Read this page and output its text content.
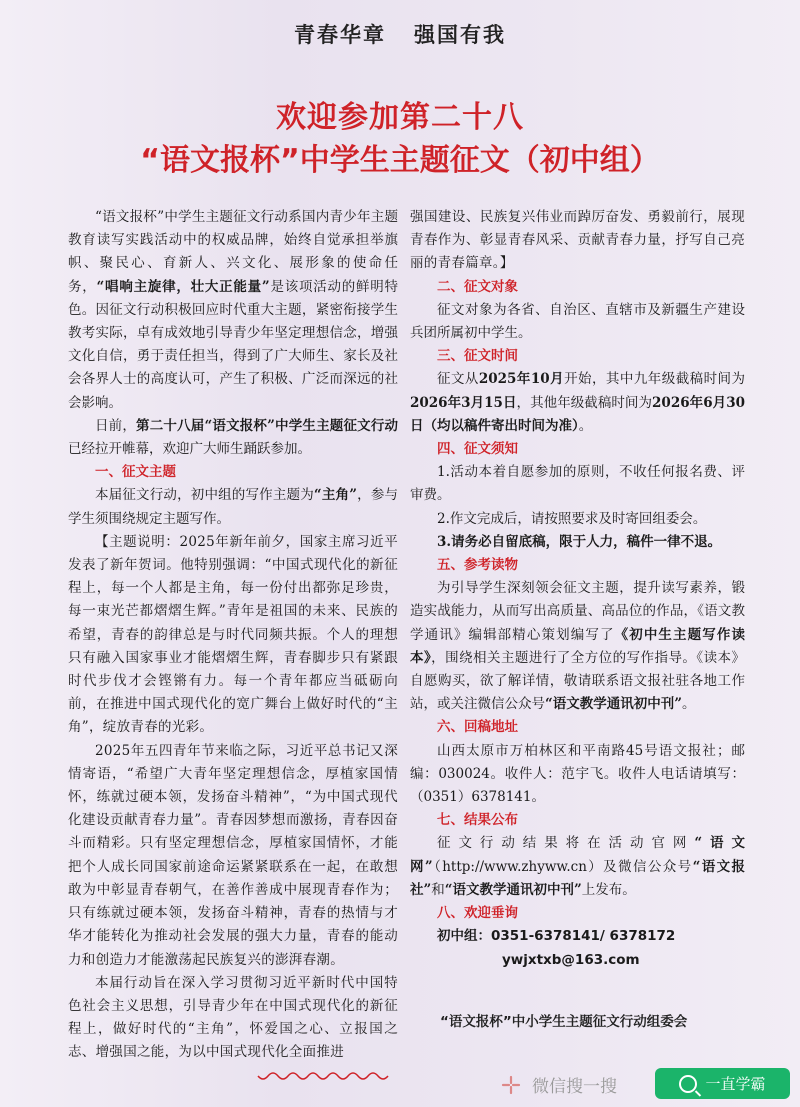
青春华章 强国有我
欢迎参加第二十八
“语文报杯”中学生主题征文（初中组）

“语文报杯”中学生主题征文行动系国内青少年主题教育读写实践活动中的权威品牌，始终自觉承担举旗帜、聚民心、育新人、兴文化、展形象的使命任务，“唱响主旋律，壮大正能量”是该项活动的鲜明特色。因征文行动积极回应时代重大主题，紧密衔接学生教考实际，卓有成效地引导青少年坚定理想信念，增强文化自信，勇于责任担当，得到了广大师生、家长及社会各界人士的高度认可，产生了积极、广泛而深远的社会影响。

日前，第二十八届“语文报杯”中学生主题征文行动已经拉开帷幕，欢迎广大师生踊跃参加。

一、征文主题

本届征文行动，初中组的写作主题为“主角”，参与学生须围绕规定主题写作。

【主题说明：2025年新年前夕，国家主席习近平发表了新年贺词。他特别强调：“中国式现代化的新征程上，每一个人都是主角，每一份付出都弥足珍贵，每一束光芒都熠熠生辉。”青年是祖国的未来、民族的希望，青春的韵律总是与时代同频共振。个人的理想只有融入国家事业才能熠熠生辉，青春脚步只有紧跟时代步伐才会铿锵有力。每一个青年都应当砥砺向前，在推进中国式现代化的宽广舞台上做好时代的“主角”，绽放青春的光彩。

2025年五四青年节来临之际，习近平总书记又深情寄语，“希望广大青年坚定理想信念，厚植家国情怀，练就过硬本领，发扬奋斗精神”，“为中国式现代化建设贡献青春力量”。青春因梦想而激扬，青春因奋斗而精彩。只有坚定理想信念，厚植家国情怀，才能把个人成长同国家前途命运紧紧联系在一起，在敢想敢为中彰显青春朝气，在善作善成中展现青春作为；只有练就过硬本领，发扬奋斗精神，青春的热情与才华才能转化为推动社会发展的强大力量，青春的能动力和创造力才能激荡起民族复兴的澎湃春潮。

本届行动旨在深入学习贯彻习近平新时代中国特色社会主义思想，引导青少年在中国式现代化的新征程上，做好时代的“主角”，怀爱国之心、立报国之志、增强国之能，为以中国式现代化全面推进

强国建设、民族复兴伟业而踔厉奋发、勇毅前行，展现青春作为、彰显青春风采、贡献青春力量，抒写自己亮丽的青春篇章。】

二、征文对象

征文对象为各省、自治区、直辖市及新疆生产建设兵团所属初中学生。

三、征文时间

征文从2025年10月开始，其中九年级截稿时间为2026年3月15日，其他年级截稿时间为2026年6月30日（均以稿件寄出时间为准）。

四、征文须知

1.活动本着自愿参加的原则，不收任何报名费、评审费。

2.作文完成后，请按照要求及时寄回组委会。

3.请务必自留底稿，限于人力，稿件一律不退。

五、参考读物

为引导学生深刻领会征文主题，提升读写素养，锻造实战能力，从而写出高质量、高品位的作品，《语文教学通讯》编辑部精心策划编写了《初中生主题写作读本》，围绕相关主题进行了全方位的写作指导。《读本》自愿购买，欲了解详情，敬请联系语文报社驻各地工作站，或关注微信公众号“语文教学通讯初中刊”。

六、回稿地址

山西太原市万柏林区和平南路45号语文报社；邮编：030024。收件人：范宇飞。收件人电话请填写：（0351）6378141。

七、结果公布

征文行动结果将在活动官网“语文网”（http://www.zhyww.cn）及微信公众号“语文报社”和“语文教学通讯初中刊”上发布。

八、欢迎垂询

初中组：0351-6378141/ 6378172

ywjxtxb@163.com

“语文报杯”中小学生主题征文行动组委会
微信搜一搜	一直学霸
